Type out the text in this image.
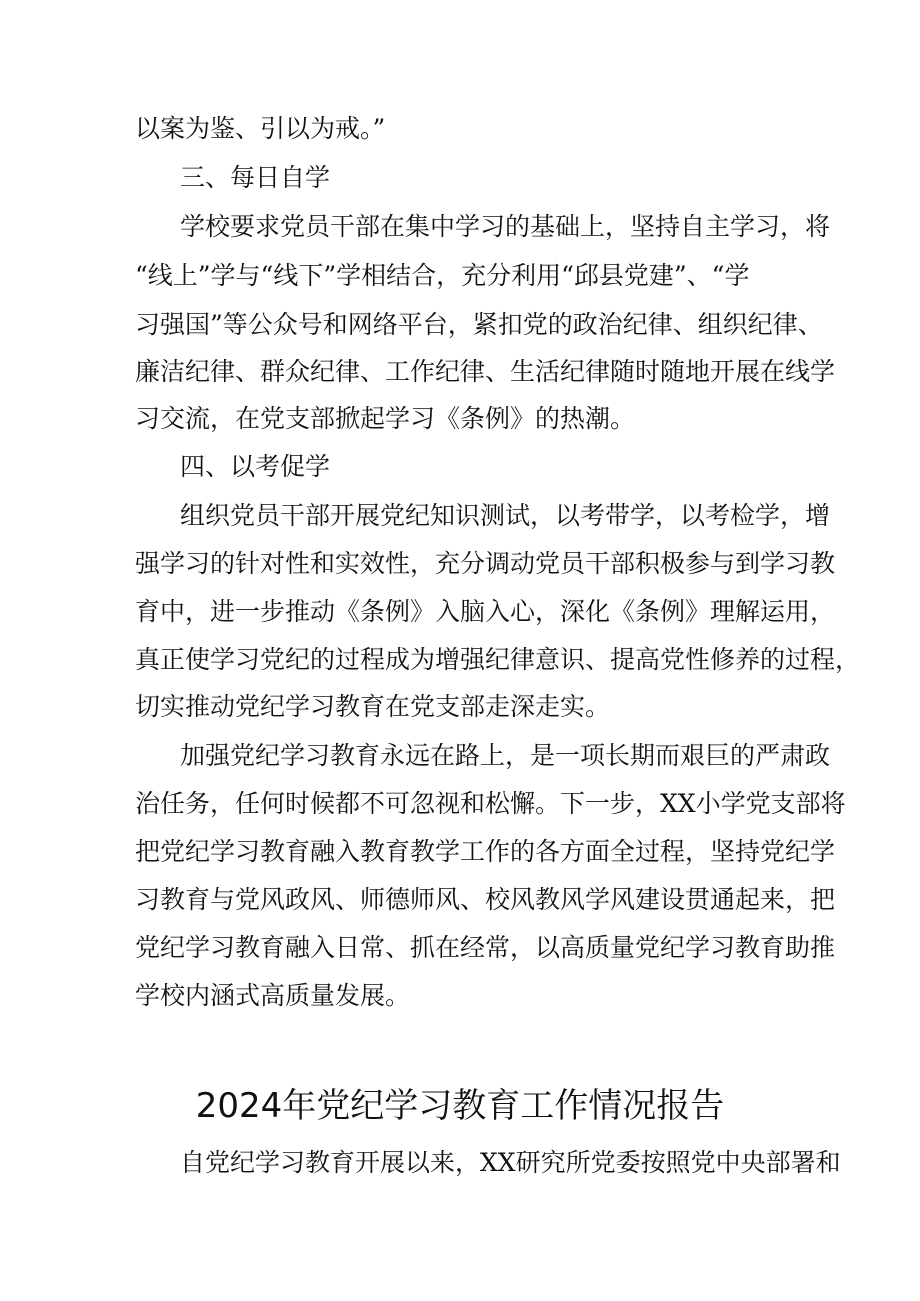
以案为鉴、引以为戒。”
三、每日自学
学校要求党员干部在集中学习的基础上，坚持自主学习，将
“线上”学与“线下”学相结合，充分利用“邱县党建”、“学
习强国”等公众号和网络平台，紧扣党的政治纪律、组织纪律、
廉洁纪律、群众纪律、工作纪律、生活纪律随时随地开展在线学
习交流，在党支部掀起学习《条例》的热潮。
四、以考促学
组织党员干部开展党纪知识测试，以考带学，以考检学，增
强学习的针对性和实效性，充分调动党员干部积极参与到学习教
育中，进一步推动《条例》入脑入心，深化《条例》理解运用，
真正使学习党纪的过程成为增强纪律意识、提高党性修养的过程，
切实推动党纪学习教育在党支部走深走实。
加强党纪学习教育永远在路上，是一项长期而艰巨的严肃政
治任务，任何时候都不可忽视和松懈。下一步，XX小学党支部将
把党纪学习教育融入教育教学工作的各方面全过程，坚持党纪学
习教育与党风政风、师德师风、校风教风学风建设贯通起来，把
党纪学习教育融入日常、抓在经常，以高质量党纪学习教育助推
学校内涵式高质量发展。
2024年党纪学习教育工作情况报告
自党纪学习教育开展以来，XX研究所党委按照党中央部署和
